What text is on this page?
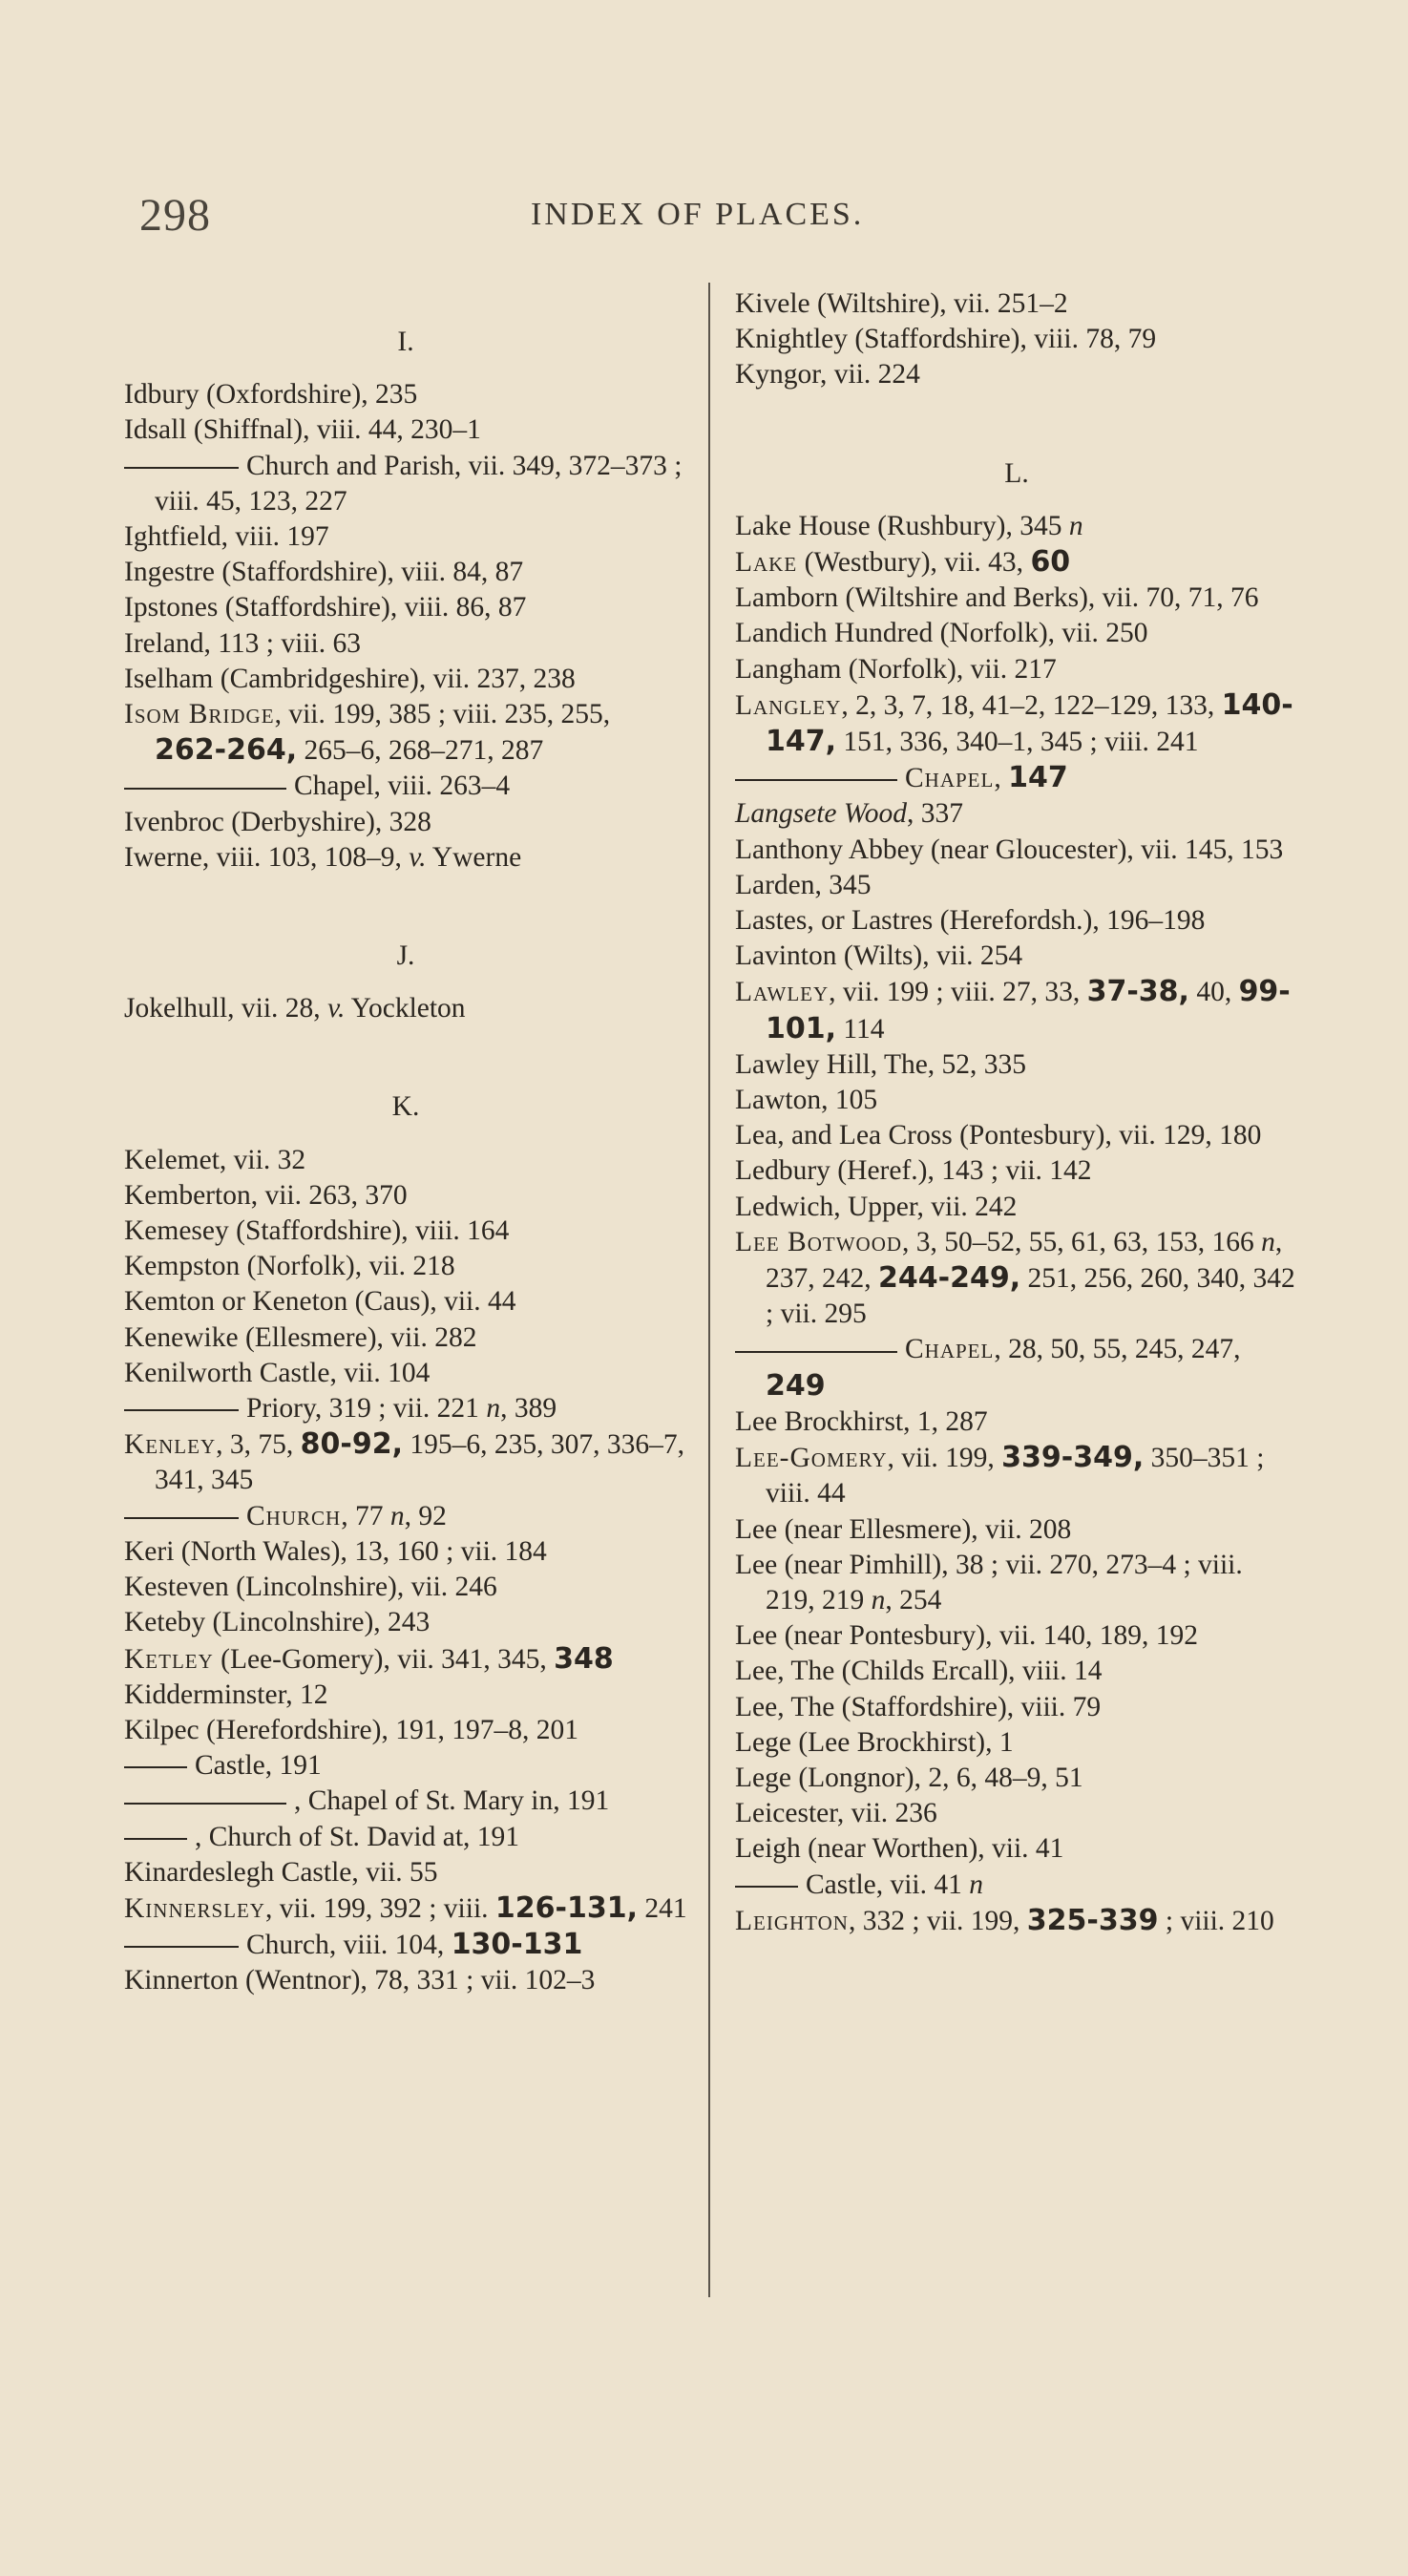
298	INDEX OF PLACES.
I.
Idbury (Oxfordshire), 235
Idsall (Shiffnal), viii. 44, 230–1
Church and Parish, vii. 349, 372–373 ; viii. 45, 123, 227
Ightfield, viii. 197
Ingestre (Staffordshire), viii. 84, 87
Ipstones (Staffordshire), viii. 86, 87
Ireland, 113 ; viii. 63
Iselham (Cambridgeshire), vii. 237, 238
Isom Bridge, vii. 199, 385 ; viii. 235, 255, 262-264, 265–6, 268–271, 287
Chapel, viii. 263–4
Ivenbroc (Derbyshire), 328
Iwerne, viii. 103, 108–9, v. Ywerne
J.
Jokelhull, vii. 28, v. Yockleton
K.
Kelemet, vii. 32
Kemberton, vii. 263, 370
Kemesey (Staffordshire), viii. 164
Kempston (Norfolk), vii. 218
Kemton or Keneton (Caus), vii. 44
Kenewike (Ellesmere), vii. 282
Kenilworth Castle, vii. 104
Priory, 319 ; vii. 221 n, 389
Kenley, 3, 75, 80-92, 195–6, 235, 307, 336–7, 341, 345
Church, 77 n, 92
Keri (North Wales), 13, 160 ; vii. 184
Kesteven (Lincolnshire), vii. 246
Keteby (Lincolnshire), 243
Ketley (Lee-Gomery), vii. 341, 345, 348
Kidderminster, 12
Kilpec (Herefordshire), 191, 197–8, 201
Castle, 191
, Chapel of St. Mary in, 191
, Church of St. David at, 191
Kinardeslegh Castle, vii. 55
Kinnersley, vii. 199, 392 ; viii. 126-131, 241
Church, viii. 104, 130-131
Kinnerton (Wentnor), 78, 331 ; vii. 102–3
Kivele (Wiltshire), vii. 251–2
Knightley (Staffordshire), viii. 78, 79
Kyngor, vii. 224
L.
Lake House (Rushbury), 345 n
Lake (Westbury), vii. 43, 60
Lamborn (Wiltshire and Berks), vii. 70, 71, 76
Landich Hundred (Norfolk), vii. 250
Langham (Norfolk), vii. 217
Langley, 2, 3, 7, 18, 41–2, 122–129, 133, 140-147, 151, 336, 340–1, 345 ; viii. 241
Chapel, 147
Langsete Wood, 337
Lanthony Abbey (near Gloucester), vii. 145, 153
Larden, 345
Lastes, or Lastres (Herefordsh.), 196–198
Lavinton (Wilts), vii. 254
Lawley, vii. 199 ; viii. 27, 33, 37-38, 40, 99-101, 114
Lawley Hill, The, 52, 335
Lawton, 105
Lea, and Lea Cross (Pontesbury), vii. 129, 180
Ledbury (Heref.), 143 ; vii. 142
Ledwich, Upper, vii. 242
Lee Botwood, 3, 50–52, 55, 61, 63, 153, 166 n, 237, 242, 244-249, 251, 256, 260, 340, 342 ; vii. 295
Chapel, 28, 50, 55, 245, 247, 249
Lee Brockhirst, 1, 287
Lee-Gomery, vii. 199, 339-349, 350–351 ; viii. 44
Lee (near Ellesmere), vii. 208
Lee (near Pimhill), 38 ; vii. 270, 273–4 ; viii. 219, 219 n, 254
Lee (near Pontesbury), vii. 140, 189, 192
Lee, The (Childs Ercall), viii. 14
Lee, The (Staffordshire), viii. 79
Lege (Lee Brockhirst), 1
Lege (Longnor), 2, 6, 48–9, 51
Leicester, vii. 236
Leigh (near Worthen), vii. 41
Castle, vii. 41 n
Leighton, 332 ; vii. 199, 325-339 ; viii. 210
